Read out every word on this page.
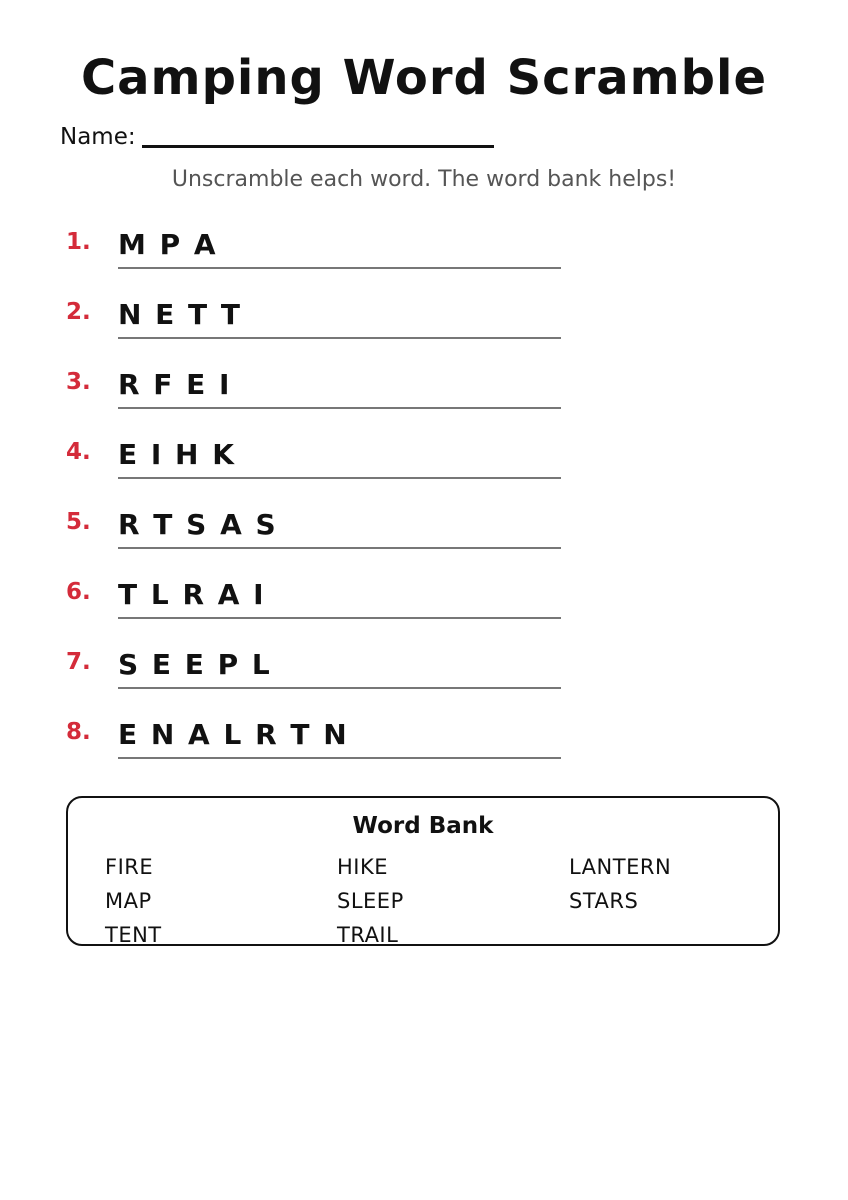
Camping Word Scramble
Name:
Unscramble each word. The word bank helps!
1. M P A
2. N E T T
3. R F E I
4. E I H K
5. R T S A S
6. T L R A I
7. S E E P L
8. E N A L R T N
Word Bank
FIRE
MAP
TENT
HIKE
SLEEP
TRAIL
LANTERN
STARS
